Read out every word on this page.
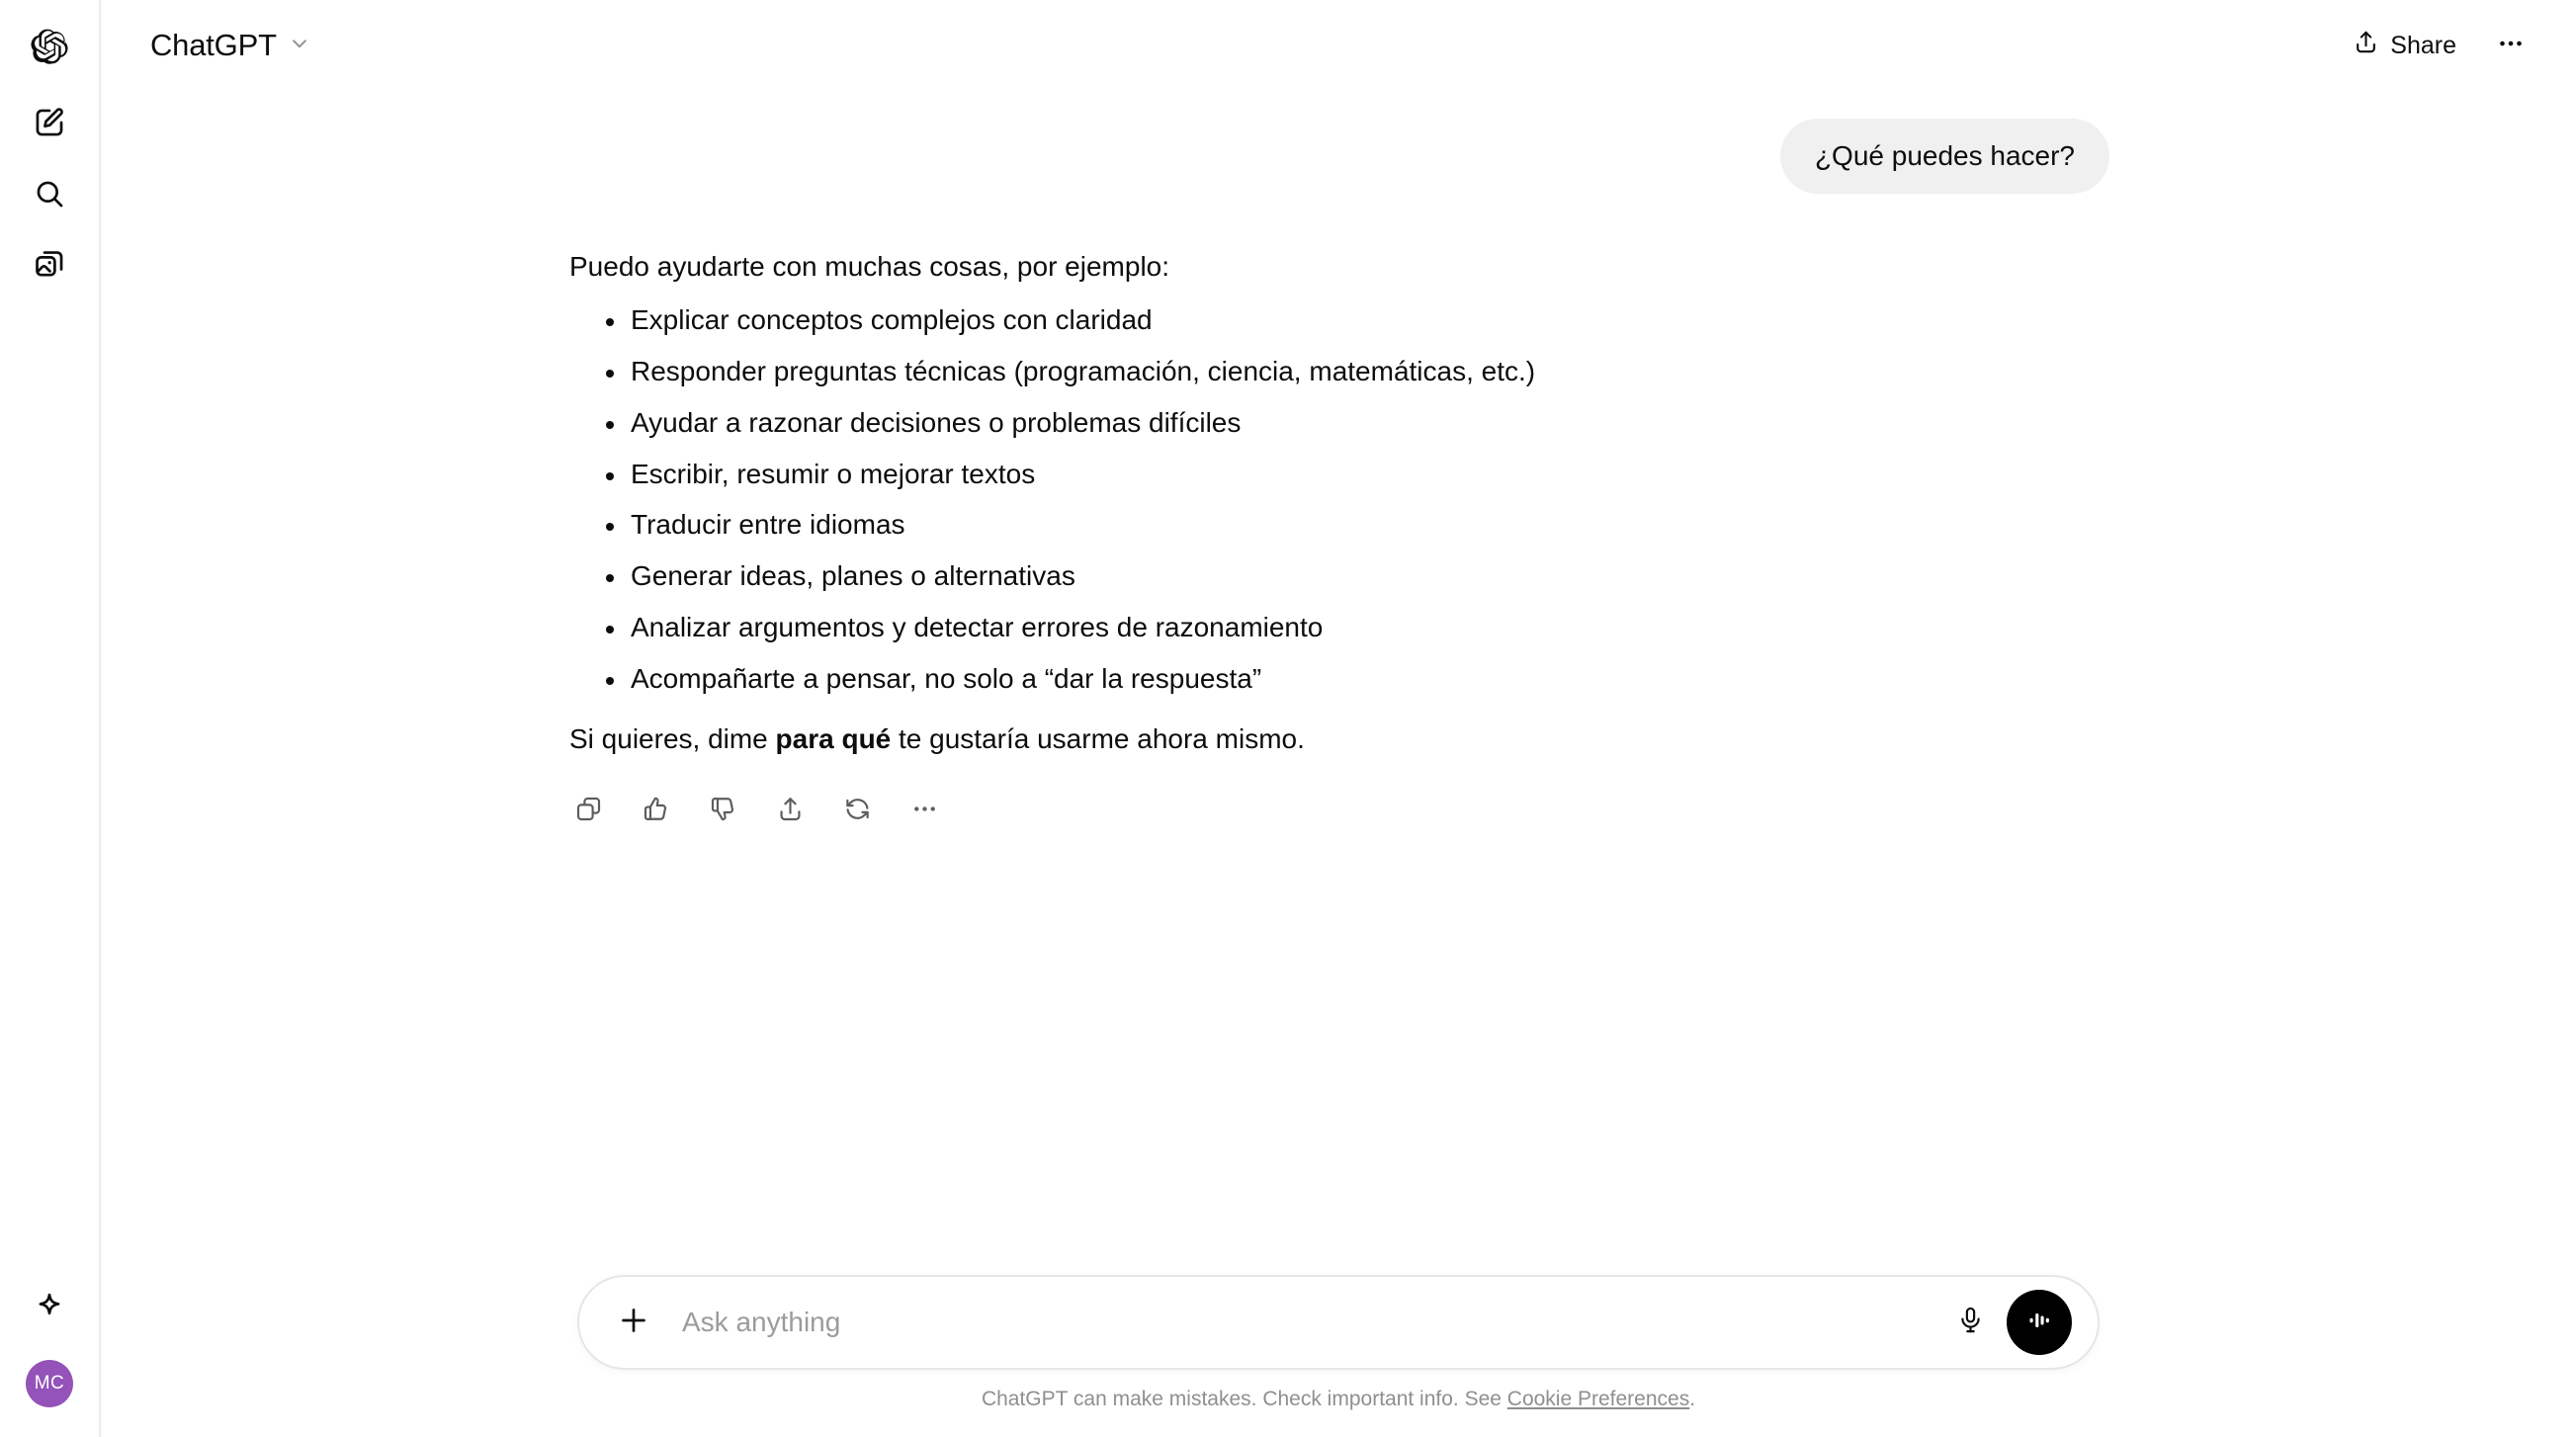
MC
ChatGPT	Share
¿Qué puedes hacer?

Puedo ayudarte con muchas cosas, por ejemplo:

Explicar conceptos complejos con claridad
Responder preguntas técnicas (programación, ciencia, matemáticas, etc.)
Ayudar a razonar decisiones o problemas difíciles
Escribir, resumir o mejorar textos
Traducir entre idiomas
Generar ideas, planes o alternativas
Analizar argumentos y detectar errores de razonamiento
Acompañarte a pensar, no solo a “dar la respuesta”

Si quieres, dime para qué te gustaría usarme ahora mismo.

Ask anything
ChatGPT can make mistakes. Check important info. See Cookie Preferences.
